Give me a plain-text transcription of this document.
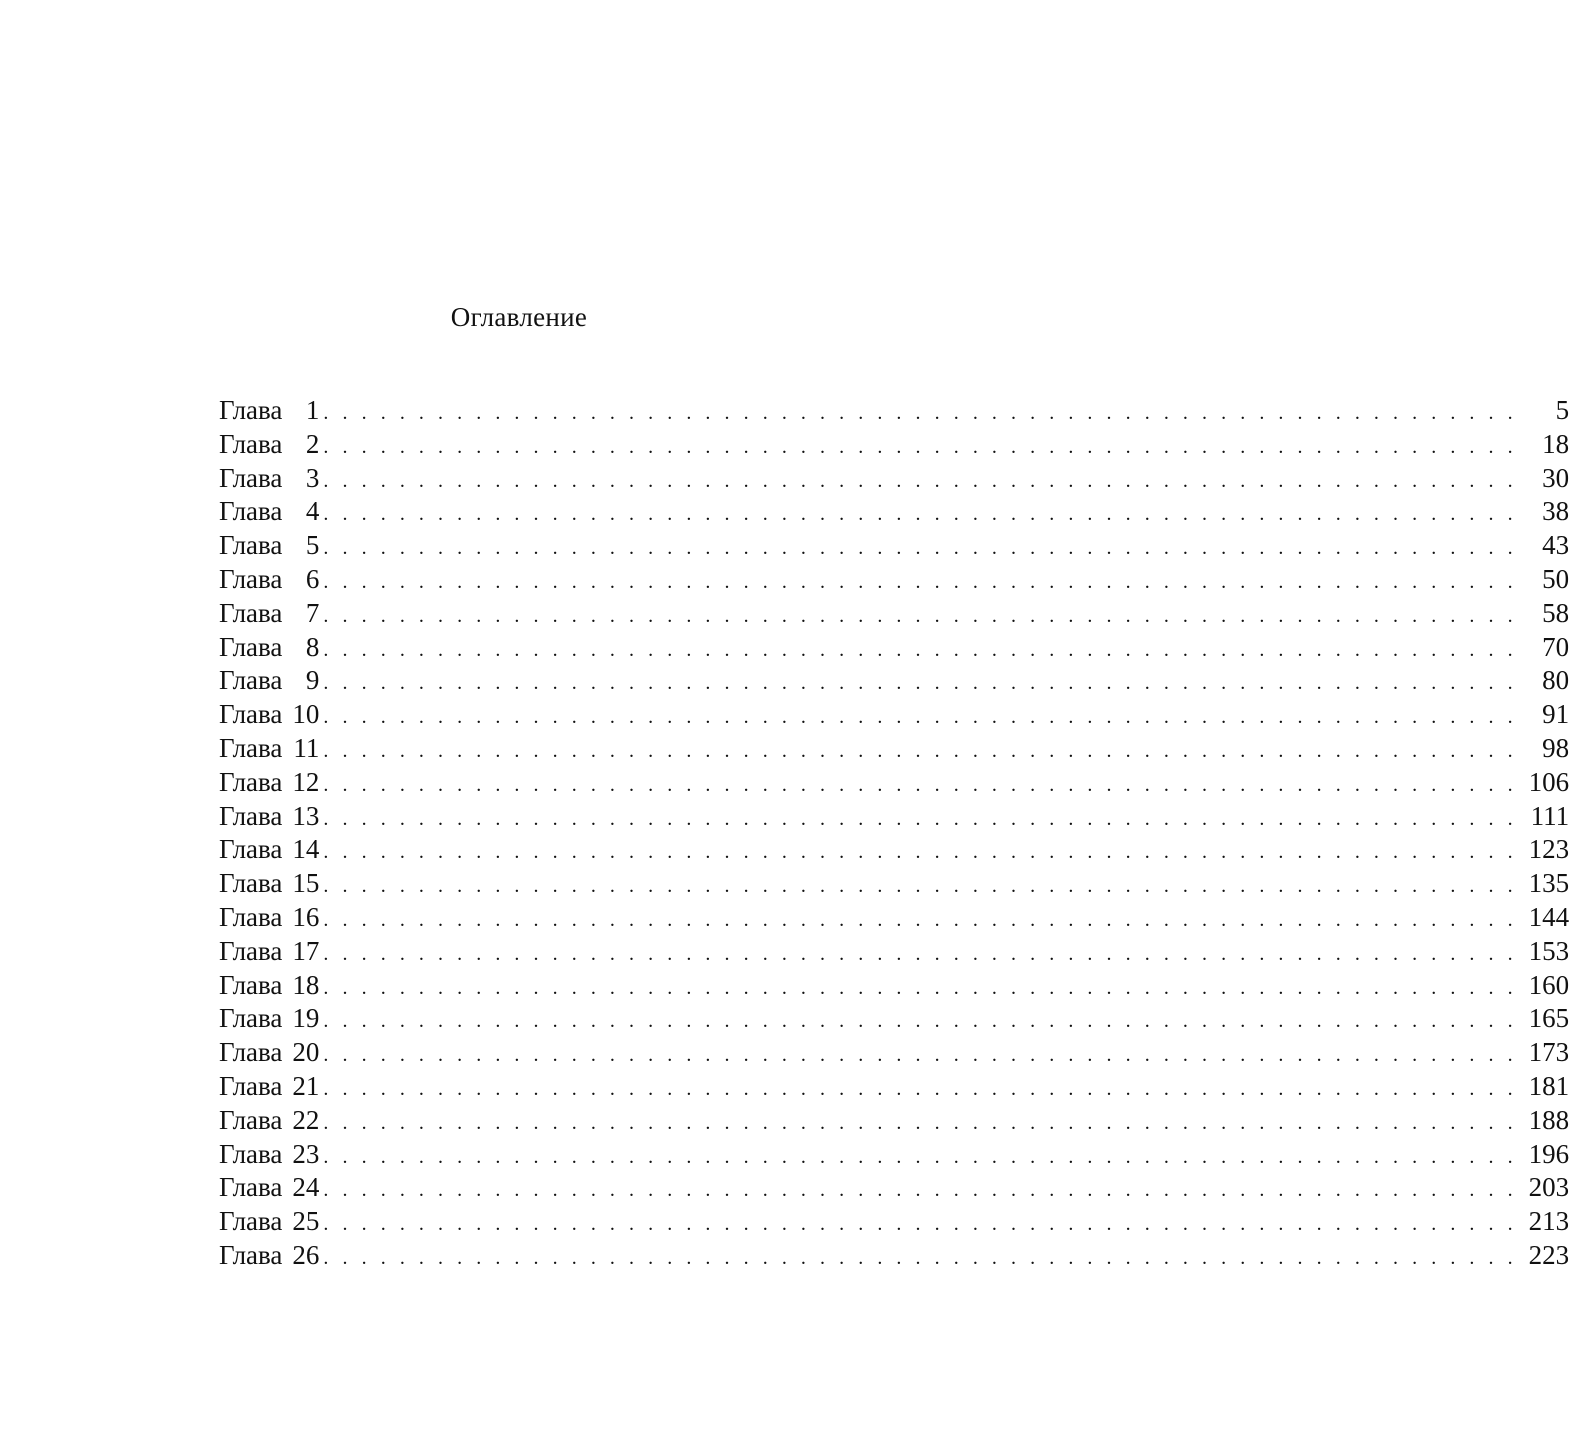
Оглавление
Глава 1 . . . . . . . . . . . . . . . . . . . . . . . . . . . . . . . . . . . . . . . . . . . . . . . . . . . . . . . . . . . . . . .	5
Глава 2 . . . . . . . . . . . . . . . . . . . . . . . . . . . . . . . . . . . . . . . . . . . . . . . . . . . . . . . . . . . . . . . 18
Глава 3 . . . . . . . . . . . . . . . . . . . . . . . . . . . . . . . . . . . . . . . . . . . . . . . . . . . . . . . . . . . . . . . 30
Глава 4 . . . . . . . . . . . . . . . . . . . . . . . . . . . . . . . . . . . . . . . . . . . . . . . . . . . . . . . . . . . . . . . 38
Глава 5 . . . . . . . . . . . . . . . . . . . . . . . . . . . . . . . . . . . . . . . . . . . . . . . . . . . . . . . . . . . . . . . 43
Глава 6 . . . . . . . . . . . . . . . . . . . . . . . . . . . . . . . . . . . . . . . . . . . . . . . . . . . . . . . . . . . . . . . 50
Глава 7 . . . . . . . . . . . . . . . . . . . . . . . . . . . . . . . . . . . . . . . . . . . . . . . . . . . . . . . . . . . . . . . 58
Глава 8 . . . . . . . . . . . . . . . . . . . . . . . . . . . . . . . . . . . . . . . . . . . . . . . . . . . . . . . . . . . . . . . 70
Глава 9 . . . . . . . . . . . . . . . . . . . . . . . . . . . . . . . . . . . . . . . . . . . . . . . . . . . . . . . . . . . . . . . 80
Глава 10 . . . . . . . . . . . . . . . . . . . . . . . . . . . . . . . . . . . . . . . . . . . . . . . . . . . . . . . . . . . . . . . 91
Глава 11 . . . . . . . . . . . . . . . . . . . . . . . . . . . . . . . . . . . . . . . . . . . . . . . . . . . . . . . . . . . . . . . 98
Глава 12 . . . . . . . . . . . . . . . . . . . . . . . . . . . . . . . . . . . . . . . . . . . . . . . . . . . . . . . . . . . . . . . 106
Глава 13 . . . . . . . . . . . . . . . . . . . . . . . . . . . . . . . . . . . . . . . . . . . . . . . . . . . . . . . . . . . . . . . 111
Глава 14 . . . . . . . . . . . . . . . . . . . . . . . . . . . . . . . . . . . . . . . . . . . . . . . . . . . . . . . . . . . . . . . 123
Глава 15 . . . . . . . . . . . . . . . . . . . . . . . . . . . . . . . . . . . . . . . . . . . . . . . . . . . . . . . . . . . . . . . 135
Глава 16 . . . . . . . . . . . . . . . . . . . . . . . . . . . . . . . . . . . . . . . . . . . . . . . . . . . . . . . . . . . . . . . 144
Глава 17 . . . . . . . . . . . . . . . . . . . . . . . . . . . . . . . . . . . . . . . . . . . . . . . . . . . . . . . . . . . . . . . 153
Глава 18 . . . . . . . . . . . . . . . . . . . . . . . . . . . . . . . . . . . . . . . . . . . . . . . . . . . . . . . . . . . . . . . 160
Глава 19 . . . . . . . . . . . . . . . . . . . . . . . . . . . . . . . . . . . . . . . . . . . . . . . . . . . . . . . . . . . . . . . 165
Глава 20 . . . . . . . . . . . . . . . . . . . . . . . . . . . . . . . . . . . . . . . . . . . . . . . . . . . . . . . . . . . . . . . 173
Глава 21 . . . . . . . . . . . . . . . . . . . . . . . . . . . . . . . . . . . . . . . . . . . . . . . . . . . . . . . . . . . . . . . 181
Глава 22 . . . . . . . . . . . . . . . . . . . . . . . . . . . . . . . . . . . . . . . . . . . . . . . . . . . . . . . . . . . . . . . 188
Глава 23 . . . . . . . . . . . . . . . . . . . . . . . . . . . . . . . . . . . . . . . . . . . . . . . . . . . . . . . . . . . . . . . 196
Глава 24 . . . . . . . . . . . . . . . . . . . . . . . . . . . . . . . . . . . . . . . . . . . . . . . . . . . . . . . . . . . . . . . 203
Глава 25 . . . . . . . . . . . . . . . . . . . . . . . . . . . . . . . . . . . . . . . . . . . . . . . . . . . . . . . . . . . . . . . 213
Глава 26 . . . . . . . . . . . . . . . . . . . . . . . . . . . . . . . . . . . . . . . . . . . . . . . . . . . . . . . . . . . . . . . 223
